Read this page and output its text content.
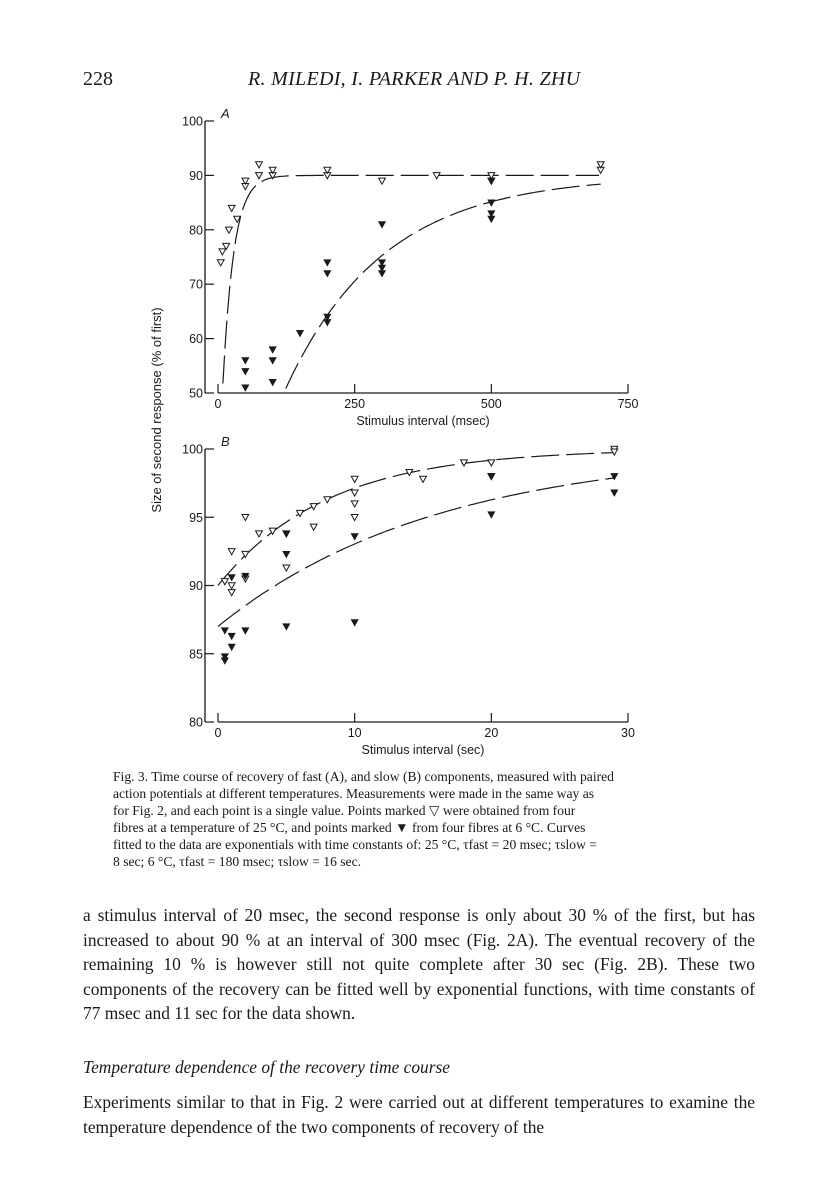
228	R. MILEDI, I. PARKER AND P. H. ZHU
Size of second response (% of first)
A
50
60
70
80
90
100
0	250	500	750
Stimulus interval (msec)
B
80
85
90
95
100
0	10	20	30
Stimulus interval (sec)
Fig. 3. Time course of recovery of fast (A), and slow (B) components, measured with paired
action potentials at different temperatures. Measurements were made in the same way as
for Fig. 2, and each point is a single value. Points marked ▽ were obtained from four
fibres at a temperature of 25 °C, and points marked ▼ from four fibres at 6 °C. Curves
fitted to the data are exponentials with time constants of: 25 °C, τfast = 20 msec; τslow =
8 sec; 6 °C, τfast = 180 msec; τslow = 16 sec.

a stimulus interval of 20 msec, the second response is only about 30 % of the first, but has increased to about 90 % at an interval of 300 msec (Fig. 2A). The eventual recovery of the remaining 10 % is however still not quite complete after 30 sec (Fig. 2B). These two components of the recovery can be fitted well by exponential functions, with time constants of 77 msec and 11 sec for the data shown.

Temperature dependence of the recovery time course

Experiments similar to that in Fig. 2 were carried out at different temperatures to examine the temperature dependence of the two components of recovery of the
